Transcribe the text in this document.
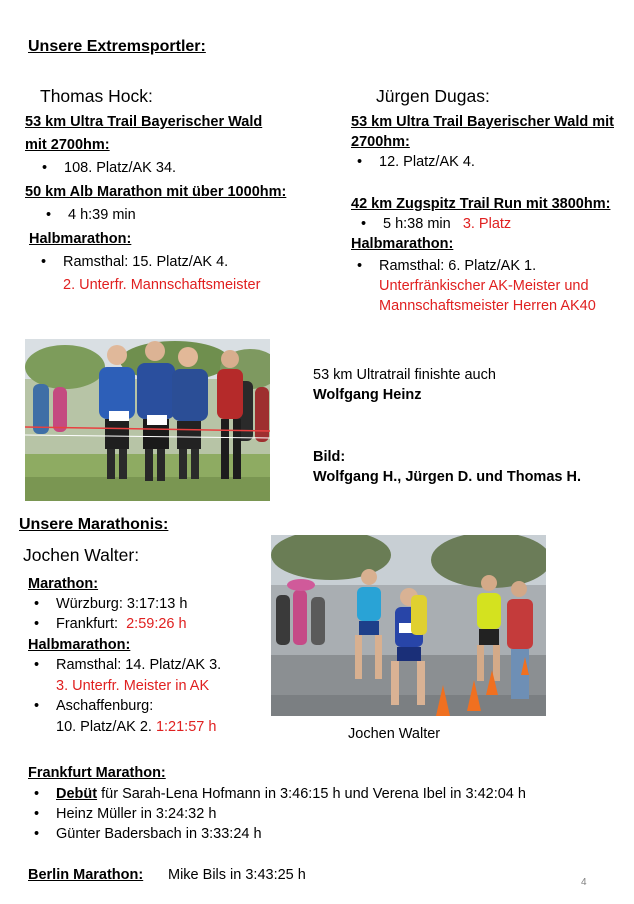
Unsere Extremsportler:
Thomas Hock:
53 km Ultra Trail Bayerischer Wald
mit 2700hm:
• 108. Platz/AK 34.
50 km Alb Marathon mit über 1000hm:
• 4 h:39 min
Halbmarathon:
• Ramsthal: 15. Platz/AK 4.
2. Unterfr. Mannschaftsmeister
Jürgen Dugas:
53 km Ultra Trail Bayerischer Wald mit
2700hm:
• 12. Platz/AK 4.
42 km Zugspitz Trail Run mit 3800hm:
• 5 h:38 min 3. Platz
Halbmarathon:
• Ramsthal: 6. Platz/AK 1.
Unterfränkischer AK-Meister und
Mannschaftsmeister Herren AK40
53 km Ultratrail finishte auch
Wolfgang Heinz
Bild:
Wolfgang H., Jürgen D. und Thomas H.
Unsere Marathonis:
Jochen Walter:
Marathon:
• Würzburg: 3:17:13 h
• Frankfurt: 2:59:26 h
Halbmarathon:
• Ramsthal: 14. Platz/AK 3.
3. Unterfr. Meister in AK
• Aschaffenburg:
10. Platz/AK 2. 1:21:57 h	Jochen Walter
Frankfurt Marathon:
• Debüt für Sarah-Lena Hofmann in 3:46:15 h und Verena Ibel in 3:42:04 h
• Heinz Müller in 3:24:32 h
• Günter Badersbach in 3:33:24 h
Berlin Marathon: Mike Bils in 3:43:25 h	4
